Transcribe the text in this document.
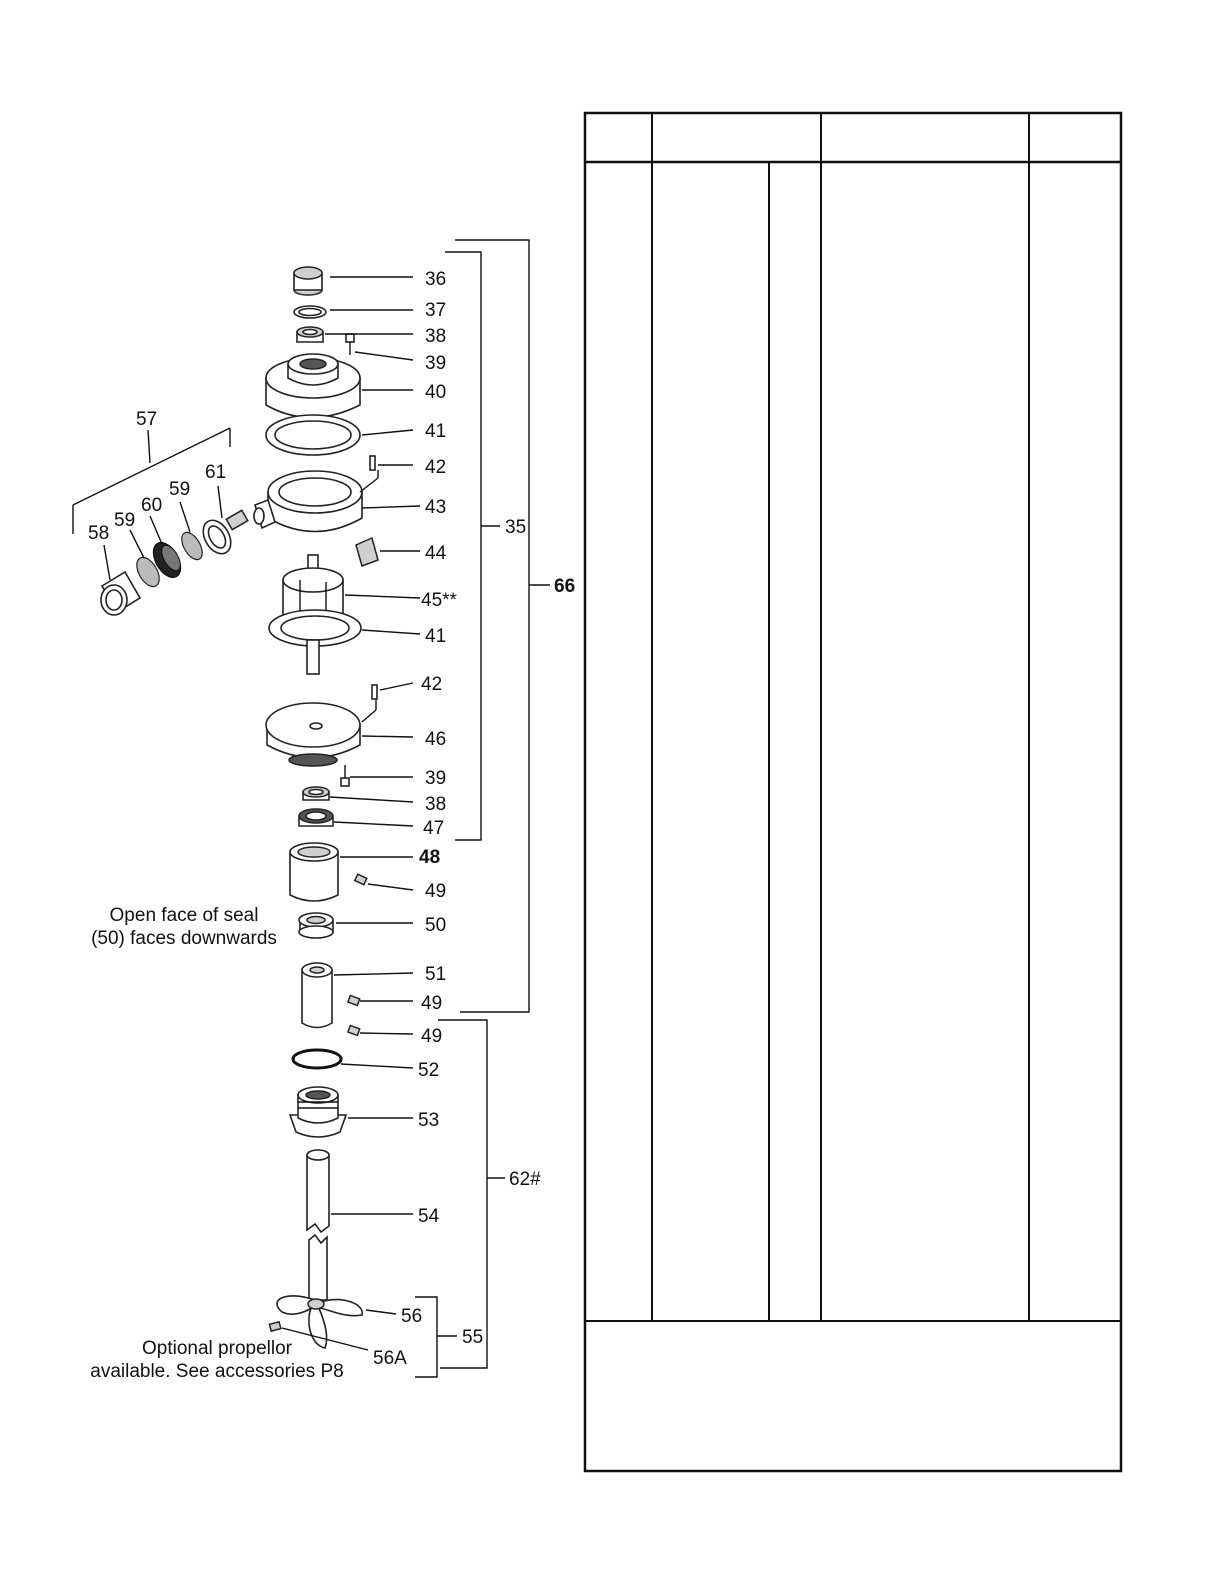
36
37
38
39
40
41
42
43
44
45**
41
42
46
39
38
47
48
49
50
51
49
49
52
53
54
56
56A
57
58
59
60
59
61
35
66
62#
55
Open face of seal
(50) faces downwards
Optional propellor
available. See accessories P8
